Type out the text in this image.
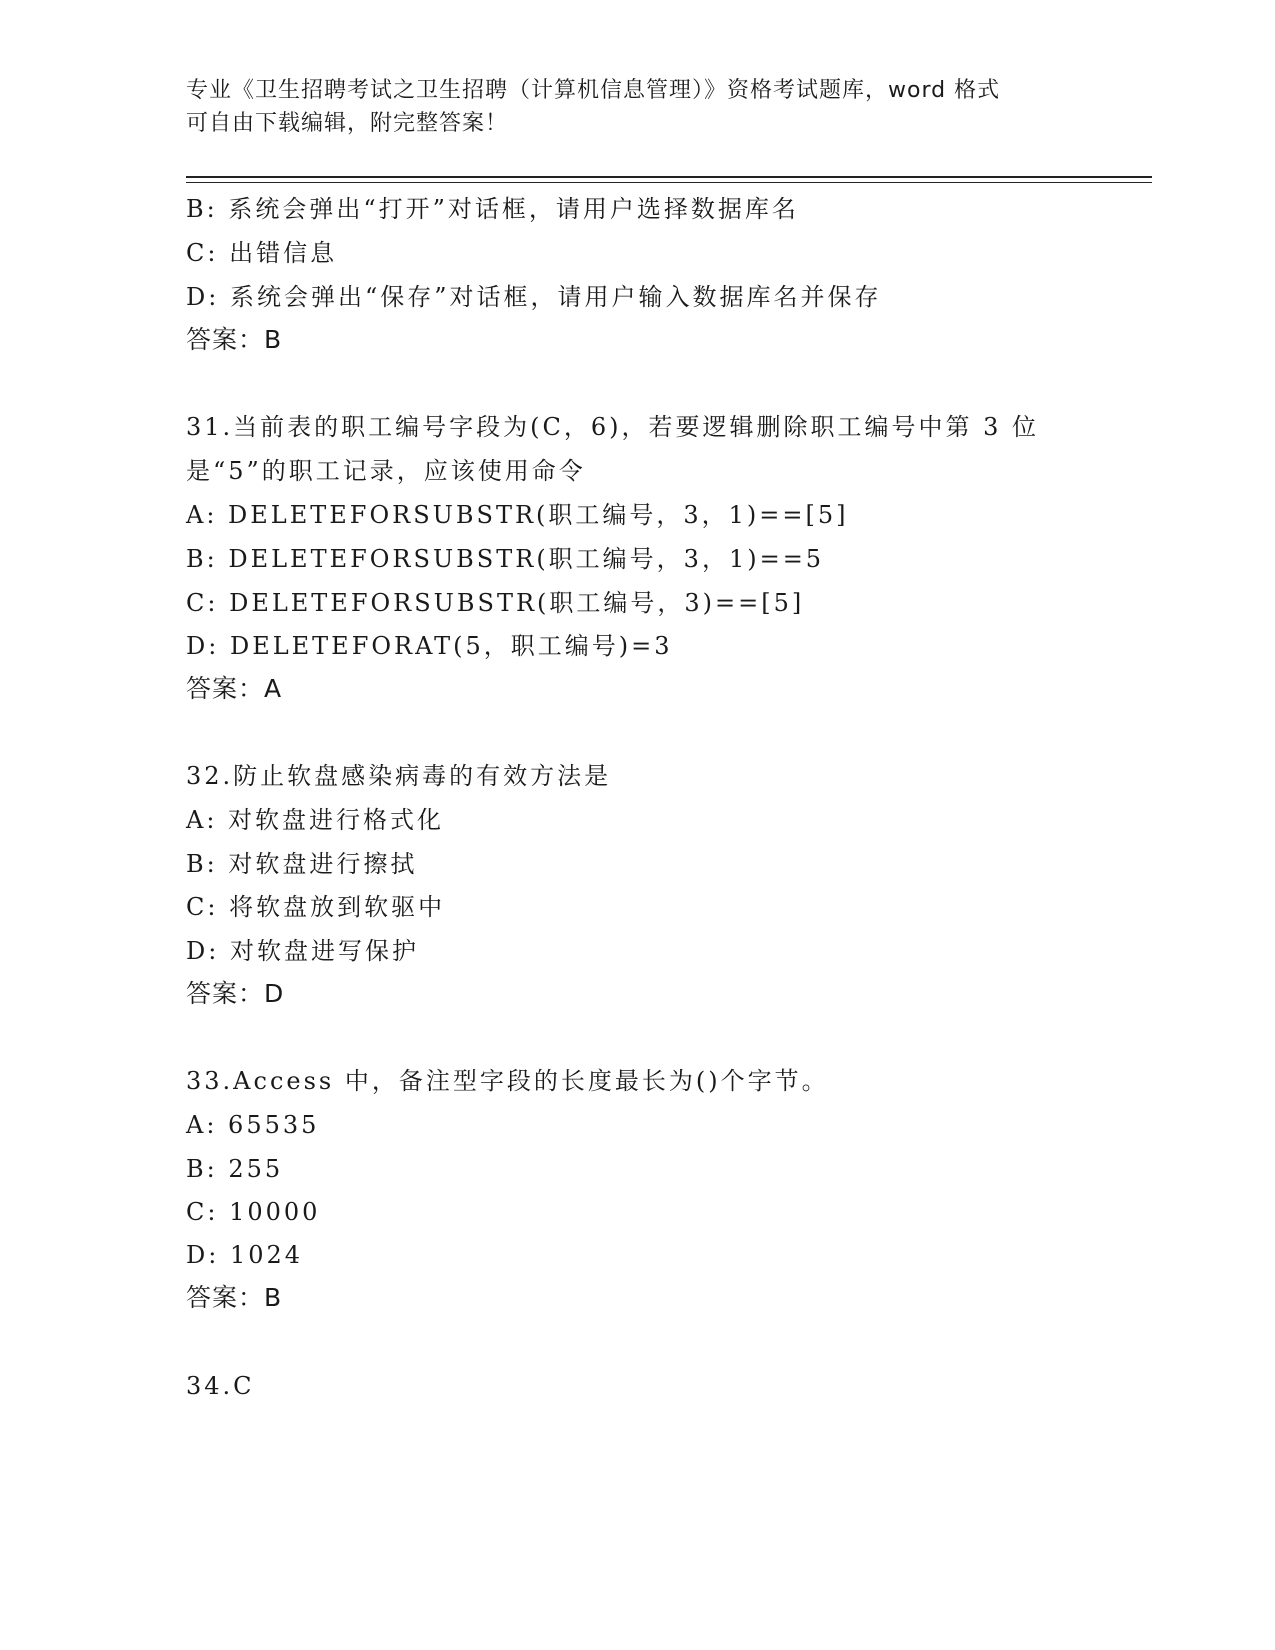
专业《卫生招聘考试之卫生招聘（计算机信息管理）》资格考试题库，word 格式
可自由下载编辑，附完整答案！
B: 系统会弹出“打开”对话框，请用户选择数据库名
C: 出错信息
D: 系统会弹出“保存”对话框，请用户输入数据库名并保存
答案：B
31.当前表的职工编号字段为(C，6)，若要逻辑删除职工编号中第 3 位
是“5”的职工记录，应该使用命令
A: DELETEFORSUBSTR(职工编号，3，1)==[5]
B: DELETEFORSUBSTR(职工编号，3，1)==5
C: DELETEFORSUBSTR(职工编号，3)==[5]
D: DELETEFORAT(5，职工编号)=3
答案：A
32.防止软盘感染病毒的有效方法是
A: 对软盘进行格式化
B: 对软盘进行擦拭
C: 将软盘放到软驱中
D: 对软盘进写保护
答案：D
33.Access 中，备注型字段的长度最长为()个字节。
A: 65535
B: 255
C: 10000
D: 1024
答案：B
34.C
